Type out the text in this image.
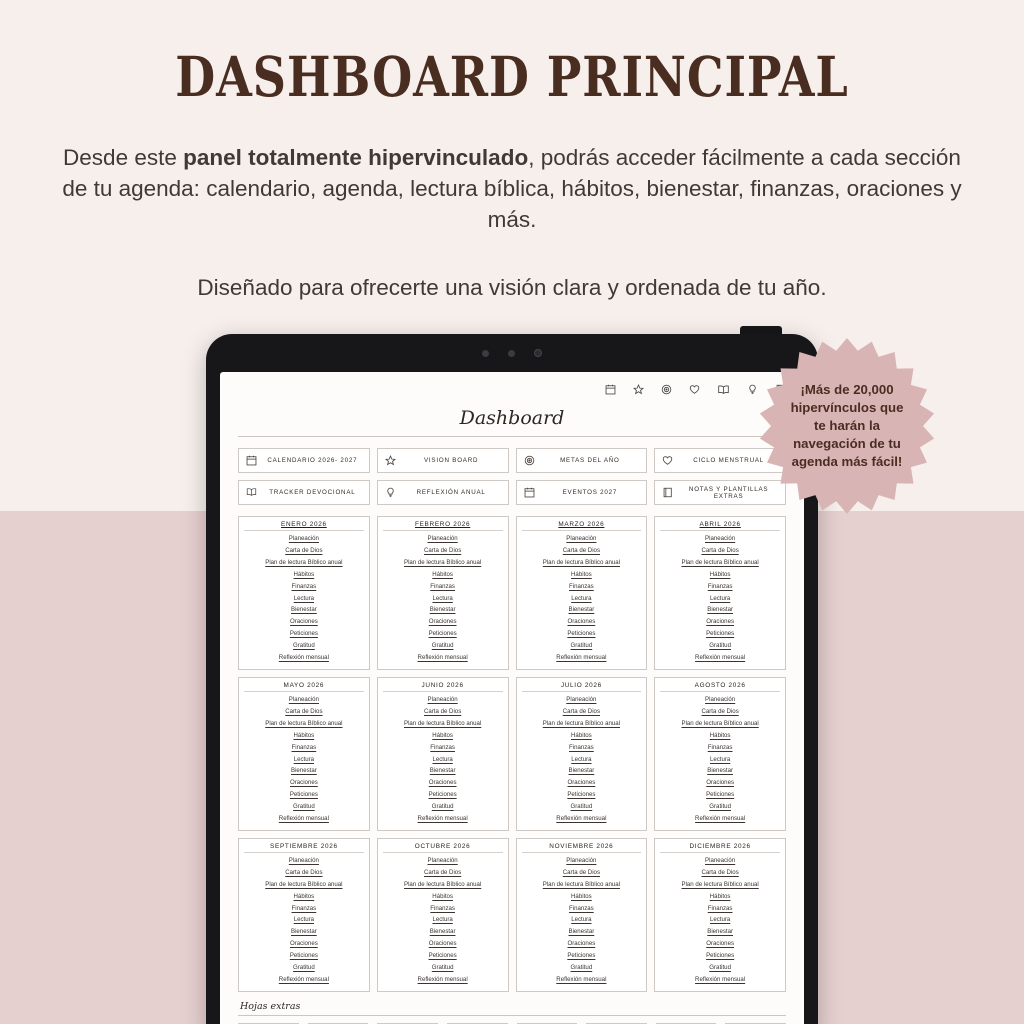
DASHBOARD PRINCIPAL

Desde este panel totalmente hipervinculado, podrás acceder fácilmente a cada sección de tu agenda: calendario, agenda, lectura bíblica, hábitos, bienestar, finanzas, oraciones y más.

Diseñado para ofrecerte una visión clara y ordenada de tu año.

Dashboard
CALENDARIO 2026- 2027	VISION BOARD	METAS DEL AÑO	CICLO MENSTRUAL
TRACKER DEVOCIONAL	REFLEXIÓN ANUAL	EVENTOS 2027	NOTAS Y PLANTILLAS EXTRAS
ENERO 2026
Planeación
Carta de Dios
Plan de lectura Bíblico anual
Hábitos
Finanzas
Lectura
Bienestar
Oraciones
Peticiones
Gratitud
Reflexión mensual
FEBRERO 2026
Planeación
Carta de Dios
Plan de lectura Bíblico anual
Hábitos
Finanzas
Lectura
Bienestar
Oraciones
Peticiones
Gratitud
Reflexión mensual
MARZO 2026
Planeación
Carta de Dios
Plan de lectura Bíblico anual
Hábitos
Finanzas
Lectura
Bienestar
Oraciones
Peticiones
Gratitud
Reflexión mensual
ABRIL 2026
Planeación
Carta de Dios
Plan de lectura Bíblico anual
Hábitos
Finanzas
Lectura
Bienestar
Oraciones
Peticiones
Gratitud
Reflexión mensual
MAYO 2026
Planeación
Carta de Dios
Plan de lectura Bíblico anual
Hábitos
Finanzas
Lectura
Bienestar
Oraciones
Peticiones
Gratitud
Reflexión mensual
JUNIO 2026
Planeación
Carta de Dios
Plan de lectura Bíblico anual
Hábitos
Finanzas
Lectura
Bienestar
Oraciones
Peticiones
Gratitud
Reflexión mensual
JULIO 2026
Planeación
Carta de Dios
Plan de lectura Bíblico anual
Hábitos
Finanzas
Lectura
Bienestar
Oraciones
Peticiones
Gratitud
Reflexión mensual
AGOSTO 2026
Planeación
Carta de Dios
Plan de lectura Bíblico anual
Hábitos
Finanzas
Lectura
Bienestar
Oraciones
Peticiones
Gratitud
Reflexión mensual
SEPTIEMBRE 2026
Planeación
Carta de Dios
Plan de lectura Bíblico anual
Hábitos
Finanzas
Lectura
Bienestar
Oraciones
Peticiones
Gratitud
Reflexión mensual
OCTUBRE 2026
Planeación
Carta de Dios
Plan de lectura Bíblico anual
Hábitos
Finanzas
Lectura
Bienestar
Oraciones
Peticiones
Gratitud
Reflexión mensual
NOVIEMBRE 2026
Planeación
Carta de Dios
Plan de lectura Bíblico anual
Hábitos
Finanzas
Lectura
Bienestar
Oraciones
Peticiones
Gratitud
Reflexión mensual
DICIEMBRE 2026
Planeación
Carta de Dios
Plan de lectura Bíblico anual
Hábitos
Finanzas
Lectura
Bienestar
Oraciones
Peticiones
Gratitud
Reflexión mensual
Hojas extras
¡Más de 20,000 hipervínculos que te harán la navegación de tu agenda más fácil!
